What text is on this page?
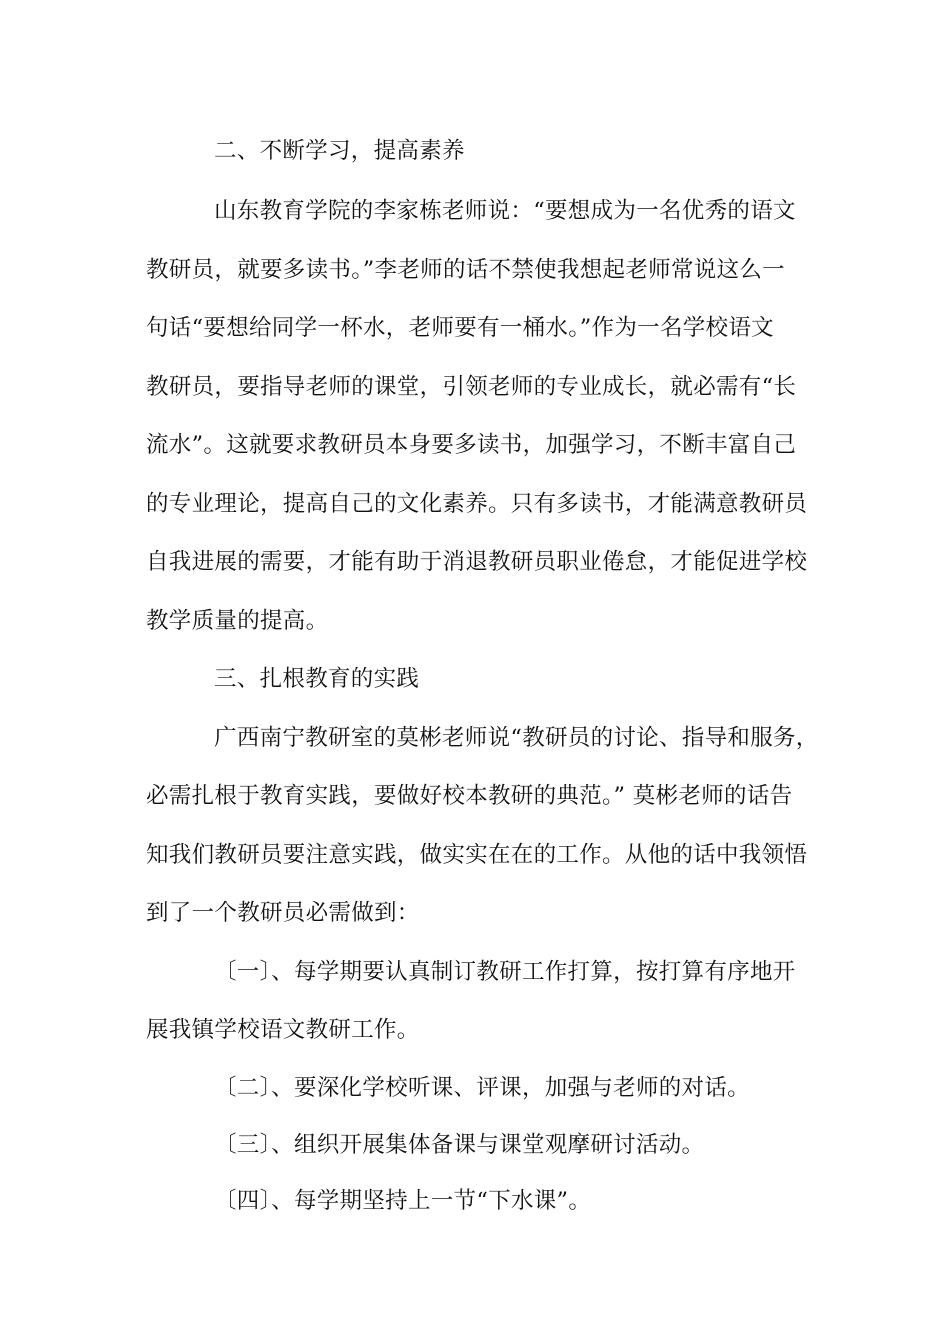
二、不断学习，提高素养
山东教育学院的李家栋老师说：“要想成为一名优秀的语文
教研员，就要多读书。”李老师的话不禁使我想起老师常说这么一
句话“要想给同学一杯水，老师要有一桶水。”作为一名学校语文
教研员，要指导老师的课堂，引领老师的专业成长，就必需有“长
流水”。这就要求教研员本身要多读书，加强学习，不断丰富自己
的专业理论，提高自己的文化素养。只有多读书，才能满意教研员
自我进展的需要，才能有助于消退教研员职业倦怠，才能促进学校
教学质量的提高。
三、扎根教育的实践
广西南宁教研室的莫彬老师说“教研员的讨论、指导和服务，
必需扎根于教育实践，要做好校本教研的典范。” 莫彬老师的话告
知我们教研员要注意实践，做实实在在的工作。从他的话中我领悟
到了一个教研员必需做到：
〔一〕、每学期要认真制订教研工作打算，按打算有序地开
展我镇学校语文教研工作。
〔二〕、要深化学校听课、评课，加强与老师的对话。
〔三〕、组织开展集体备课与课堂观摩研讨活动。
〔四〕、每学期坚持上一节“下水课”。
